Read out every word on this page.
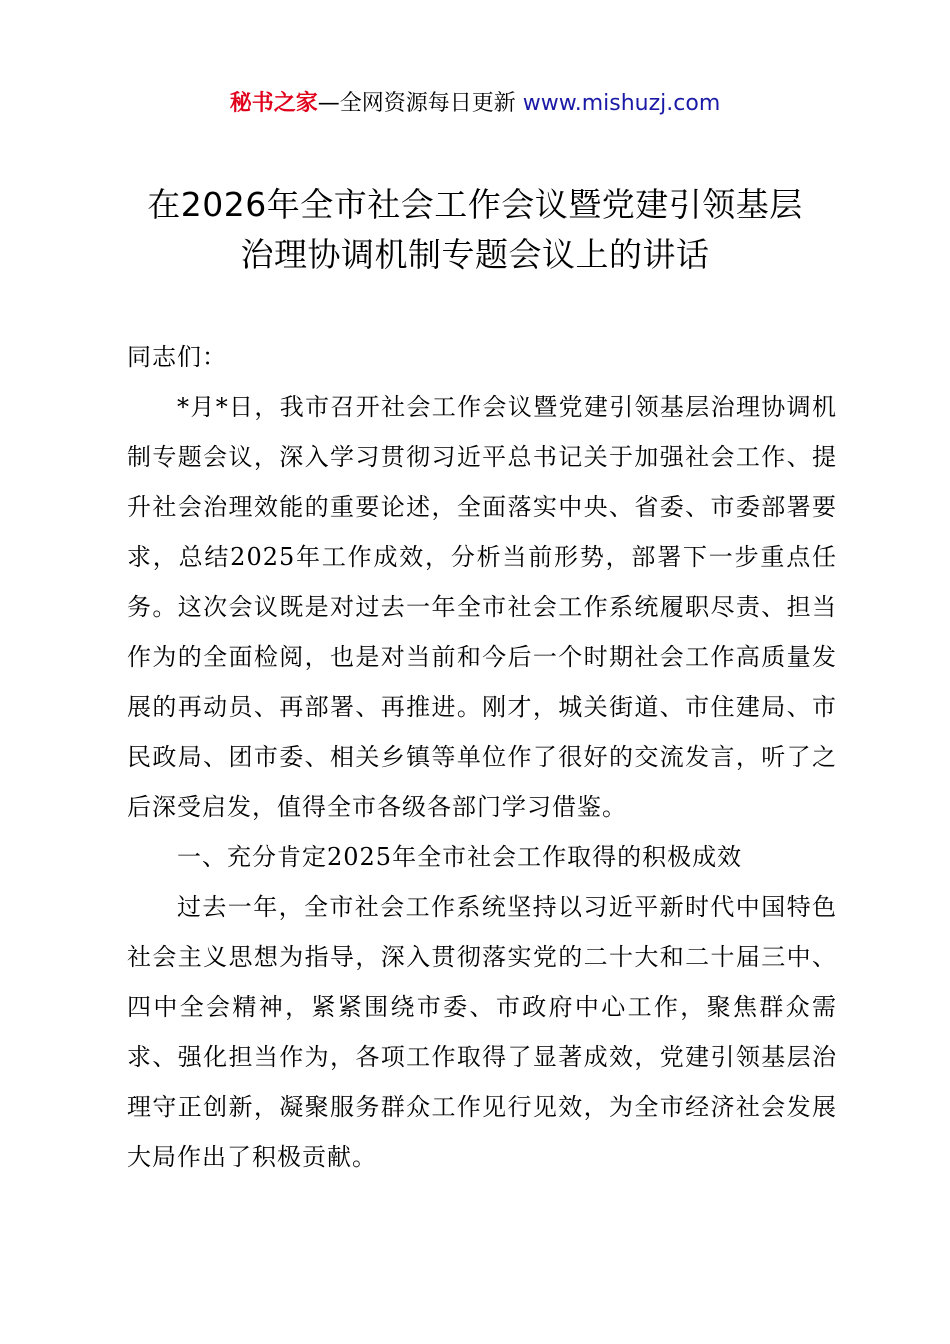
秘书之家—全网资源每日更新 www.mishuzj.com
在2026年全市社会工作会议暨党建引领基层
治理协调机制专题会议上的讲话

同志们：

*月*日，我市召开社会工作会议暨党建引领基层治理协调机制专题会议，深入学习贯彻习近平总书记关于加强社会工作、提升社会治理效能的重要论述，全面落实中央、省委、市委部署要求，总结2025年工作成效，分析当前形势，部署下一步重点任务。这次会议既是对过去一年全市社会工作系统履职尽责、担当作为的全面检阅，也是对当前和今后一个时期社会工作高质量发展的再动员、再部署、再推进。刚才，城关街道、市住建局、市民政局、团市委、相关乡镇等单位作了很好的交流发言，听了之后深受启发，值得全市各级各部门学习借鉴。

一、充分肯定2025年全市社会工作取得的积极成效

过去一年，全市社会工作系统坚持以习近平新时代中国特色社会主义思想为指导，深入贯彻落实党的二十大和二十届三中、四中全会精神，紧紧围绕市委、市政府中心工作，聚焦群众需求、强化担当作为，各项工作取得了显著成效，党建引领基层治理守正创新，凝聚服务群众工作见行见效，为全市经济社会发展大局作出了积极贡献。
